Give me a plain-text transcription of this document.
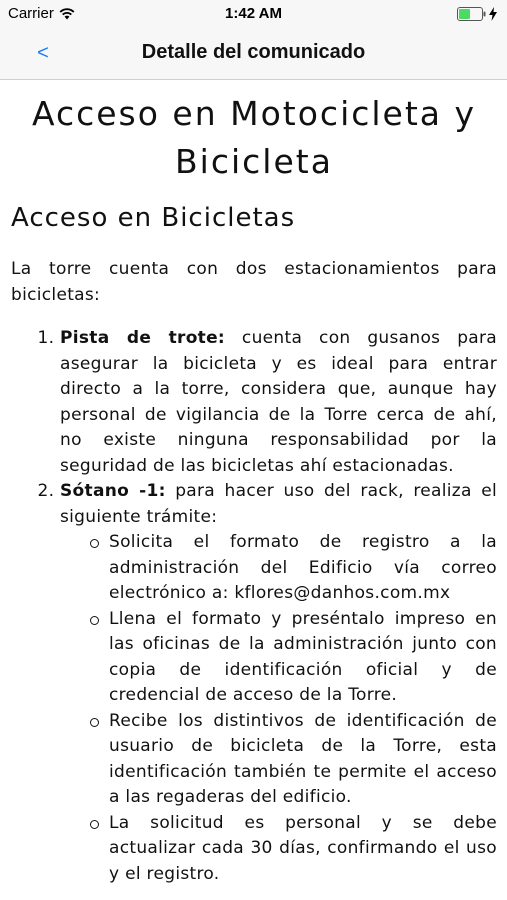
Carrier	1:42 AM
<	Detalle del comunicado
Acceso en Motocicleta y Bicicleta
Acceso en Bicicletas

La torre cuenta con dos estacionamientos para bicicletas:

1. Pista de trote: cuenta con gusanos para asegurar la bicicleta y es ideal para entrar directo a la torre, considera que, aunque hay personal de vigilancia de la Torre cerca de ahí, no existe ninguna responsabilidad por la seguridad de las bicicletas ahí estacionadas.
2. Sótano -1: para hacer uso del rack, realiza el siguiente trámite:
Solicita el formato de registro a la administración del Edificio vía correo electrónico a: kflores@danhos.com.mx
Llena el formato y preséntalo impreso en las oficinas de la administración junto con copia de identificación oficial y de credencial de acceso de la Torre.
Recibe los distintivos de identificación de usuario de bicicleta de la Torre, esta identificación también te permite el acceso a las regaderas del edificio.
La solicitud es personal y se debe actualizar cada 30 días, confirmando el uso y el registro.
